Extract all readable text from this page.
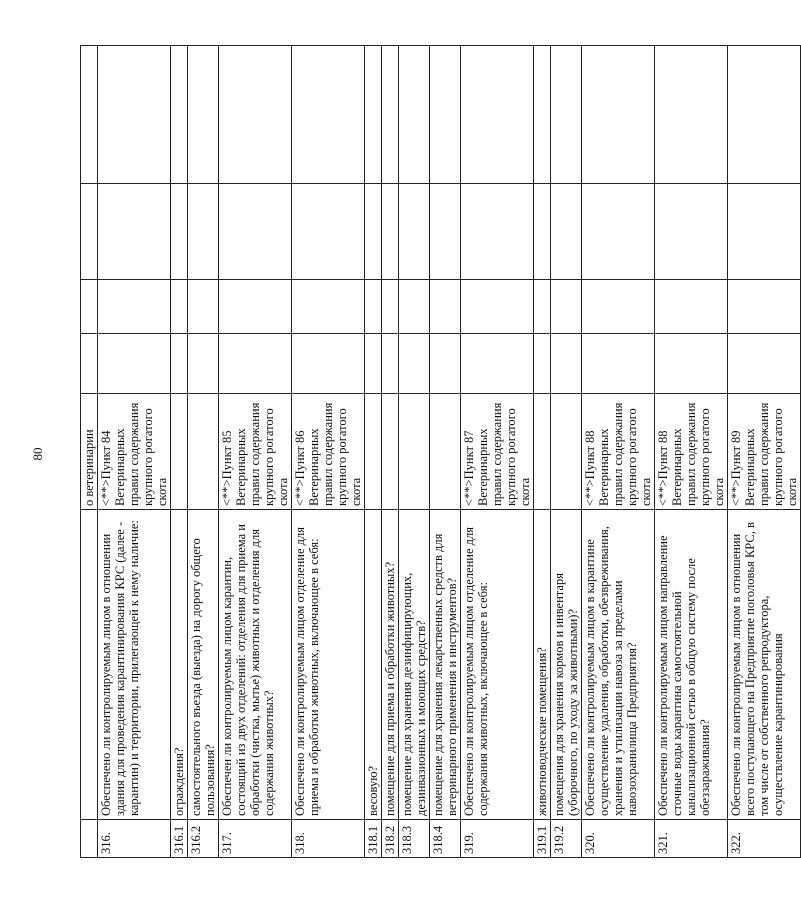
80
			о ветеринарии				
316.	Обеспечено ли контролируемым лицом в отношении здания для проведения карантинирования КРС (далее - карантин) и территории, прилегающей к нему наличие:	<**>Пункт 84 Ветеринарных правил содержания крупного рогатого скота				
316.1	ограждения?					
316.2	самостоятельного въезда (выезда) на дорогу общего пользования?					
317.	Обеспечен ли контролируемым лицом карантин, состоящий из двух отделений: отделения для приема и обработки (чистка, мытье) животных и отделения для содержания животных?	<**>Пункт 85 Ветеринарных правил содержания крупного рогатого скота				
318.	Обеспечено ли контролируемым лицом отделение для приема и обработки животных, включающее в себя:	<**>Пункт 86 Ветеринарных правил содержания крупного рогатого скота				
318.1	весовую?					
318.2	помещение для приема и обработки животных?					
318.3	помещение для хранения дезинфицирующих, дезинвазионных и моющих средств?					
318.4	помещение для хранения лекарственных средств для ветеринарного применения и инструментов?					
319.	Обеспечено ли контролируемым лицом отделение для содержания животных, включающее в себя:	<**>Пункт 87 Ветеринарных правил содержания крупного рогатого скота				
319.1	животноводческие помещения?					
319.2	помещения для хранения кормов и инвентаря (уборочного, по уходу за животными)?					
320.	Обеспечено ли контролируемым лицом в карантине осуществление удаления, обработки, обезвреживания, хранения и утилизации навоза за пределами навозохранилища Предприятия?	<**>Пункт 88 Ветеринарных правил содержания крупного рогатого скота				
321.	Обеспечено ли контролируемым лицом направление сточные воды карантина самостоятельной канализационной сетью в общую систему после обеззараживания?	<**>Пункт 88 Ветеринарных правил содержания крупного рогатого скота				
322.	Обеспечено ли контролируемым лицом в отношении всего поступающего на Предприятие поголовья КРС, в том числе от собственного репродуктора, осуществление карантинирования	<**>Пункт 89 Ветеринарных правил содержания крупного рогатого скота				
